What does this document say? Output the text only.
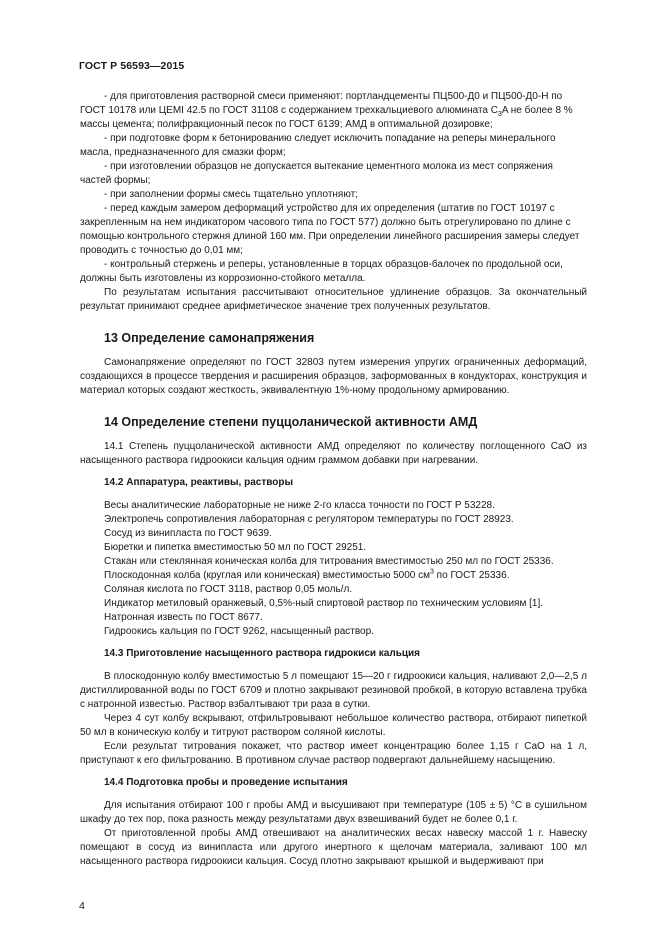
ГОСТ Р 56593—2015

- для приготовления растворной смеси применяют: портландцементы ПЦ500-Д0 и ПЦ500-Д0-Н по ГОСТ 10178 или ЦЕМI 42.5 по ГОСТ 31108 с содержанием трехкальциевого алюмината $C_3A$ не более 8 % массы цемента; полифракционный песок по ГОСТ 6139; АМД в оптимальной дозировке;

- при подготовке форм к бетонированию следует исключить попадание на реперы минерального масла, предназначенного для смазки форм;

- при изготовлении образцов не допускается вытекание цементного молока из мест сопряжения частей формы;

- при заполнении формы смесь тщательно уплотняют;

- перед каждым замером деформаций устройство для их определения (штатив по ГОСТ 10197 с закрепленным на нем индикатором часового типа по ГОСТ 577) должно быть отрегулировано по длине с помощью контрольного стержня длиной 160 мм. При определении линейного расширения замеры следует проводить с точностью до 0,01 мм;

- контрольный стержень и реперы, установленные в торцах образцов-балочек по продольной оси, должны быть изготовлены из коррозионно-стойкого металла.

По результатам испытания рассчитывают относительное удлинение образцов. За окончательный результат принимают среднее арифметическое значение трех полученных результатов.

13 Определение самонапряжения

Самонапряжение определяют по ГОСТ 32803 путем измерения упругих ограниченных деформаций, создающихся в процессе твердения и расширения образцов, заформованных в кондукторах, конструкция и материал которых создают жесткость, эквивалентную 1%-ному продольному армированию.

14 Определение степени пуццоланической активности АМД

14.1 Степень пуццоланической активности АМД определяют по количеству поглощенного CaO из насыщенного раствора гидроокиси кальция одним граммом добавки при нагревании.

14.2 Аппаратура, реактивы, растворы

Весы аналитические лабораторные не ниже 2-го класса точности по ГОСТ Р 53228.

Электропечь сопротивления лабораторная с регулятором температуры по ГОСТ 28923.

Сосуд из винипласта по ГОСТ 9639.

Бюретки и пипетка вместимостью 50 мл по ГОСТ 29251.

Стакан или стеклянная коническая колба для титрования вместимостью 250 мл по ГОСТ 25336.

Плоскодонная колба (круглая или коническая) вместимостью 5000 $см^3$ по ГОСТ 25336.

Соляная кислота по ГОСТ 3118, раствор 0,05 моль/л.

Индикатор метиловый оранжевый, 0,5%-ный спиртовой раствор по техническим условиям [1].

Натронная известь по ГОСТ 8677.

Гидроокись кальция по ГОСТ 9262, насыщенный раствор.

14.3 Приготовление насыщенного раствора гидрокиси кальция

В плоскодонную колбу вместимостью 5 л помещают 15—20 г гидроокиси кальция, наливают 2,0—2,5 л дистиллированной воды по ГОСТ 6709 и плотно закрывают резиновой пробкой, в которую вставлена трубка с натронной известью. Раствор взбалтывают три раза в сутки.

Через 4 сут колбу вскрывают, отфильтровывают небольшое количество раствора, отбирают пипеткой 50 мл в коническую колбу и титруют раствором соляной кислоты.

Если результат титрования покажет, что раствор имеет концентрацию более 1,15 г CaO на 1 л, приступают к его фильтрованию. В противном случае раствор подвергают дальнейшему насыщению.

14.4 Подготовка пробы и проведение испытания

Для испытания отбирают 100 г пробы АМД и высушивают при температуре (105 ± 5) °С в сушильном шкафу до тех пор, пока разность между результатами двух взвешиваний будет не более 0,1 г.

От приготовленной пробы АМД отвешивают на аналитических весах навеску массой 1 г. Навеску помещают в сосуд из винипласта или другого инертного к щелочам материала, заливают 100 мл насыщенного раствора гидроокиси кальция. Сосуд плотно закрывают крышкой и выдерживают при

4
